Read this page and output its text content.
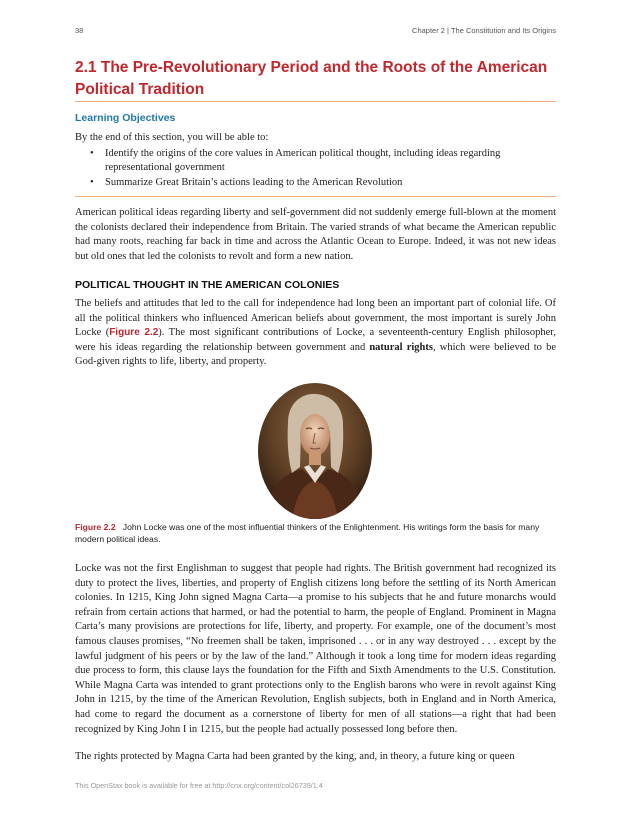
38	Chapter 2 | The Constitution and Its Origins
2.1 The Pre-Revolutionary Period and the Roots of the American Political Tradition
Learning Objectives
By the end of this section, you will be able to:
• Identify the origins of the core values in American political thought, including ideas regarding representational government
• Summarize Great Britain’s actions leading to the American Revolution

American political ideas regarding liberty and self-government did not suddenly emerge full-blown at the moment the colonists declared their independence from Britain. The varied strands of what became the American republic had many roots, reaching far back in time and across the Atlantic Ocean to Europe. Indeed, it was not new ideas but old ones that led the colonists to revolt and form a new nation.

POLITICAL THOUGHT IN THE AMERICAN COLONIES

The beliefs and attitudes that led to the call for independence had long been an important part of colonial life. Of all the political thinkers who influenced American beliefs about government, the most important is surely John Locke (Figure 2.2). The most significant contributions of Locke, a seventeenth-century English philosopher, were his ideas regarding the relationship between government and natural rights, which were believed to be God-given rights to life, liberty, and property.

Figure 2.2 John Locke was one of the most influential thinkers of the Enlightenment. His writings form the basis for many modern political ideas.

Locke was not the first Englishman to suggest that people had rights. The British government had recognized its duty to protect the lives, liberties, and property of English citizens long before the settling of its North American colonies. In 1215, King John signed Magna Carta—a promise to his subjects that he and future monarchs would refrain from certain actions that harmed, or had the potential to harm, the people of England. Prominent in Magna Carta’s many provisions are protections for life, liberty, and property. For example, one of the document’s most famous clauses promises, “No freemen shall be taken, imprisoned . . . or in any way destroyed . . . except by the lawful judgment of his peers or by the law of the land.” Although it took a long time for modern ideas regarding due process to form, this clause lays the foundation for the Fifth and Sixth Amendments to the U.S. Constitution. While Magna Carta was intended to grant protections only to the English barons who were in revolt against King John in 1215, by the time of the American Revolution, English subjects, both in England and in North America, had come to regard the document as a cornerstone of liberty for men of all stations—a right that had been recognized by King John I in 1215, but the people had actually possessed long before then.

The rights protected by Magna Carta had been granted by the king, and, in theory, a future king or queen

This OpenStax book is available for free at http://cnx.org/content/col26739/1.4
